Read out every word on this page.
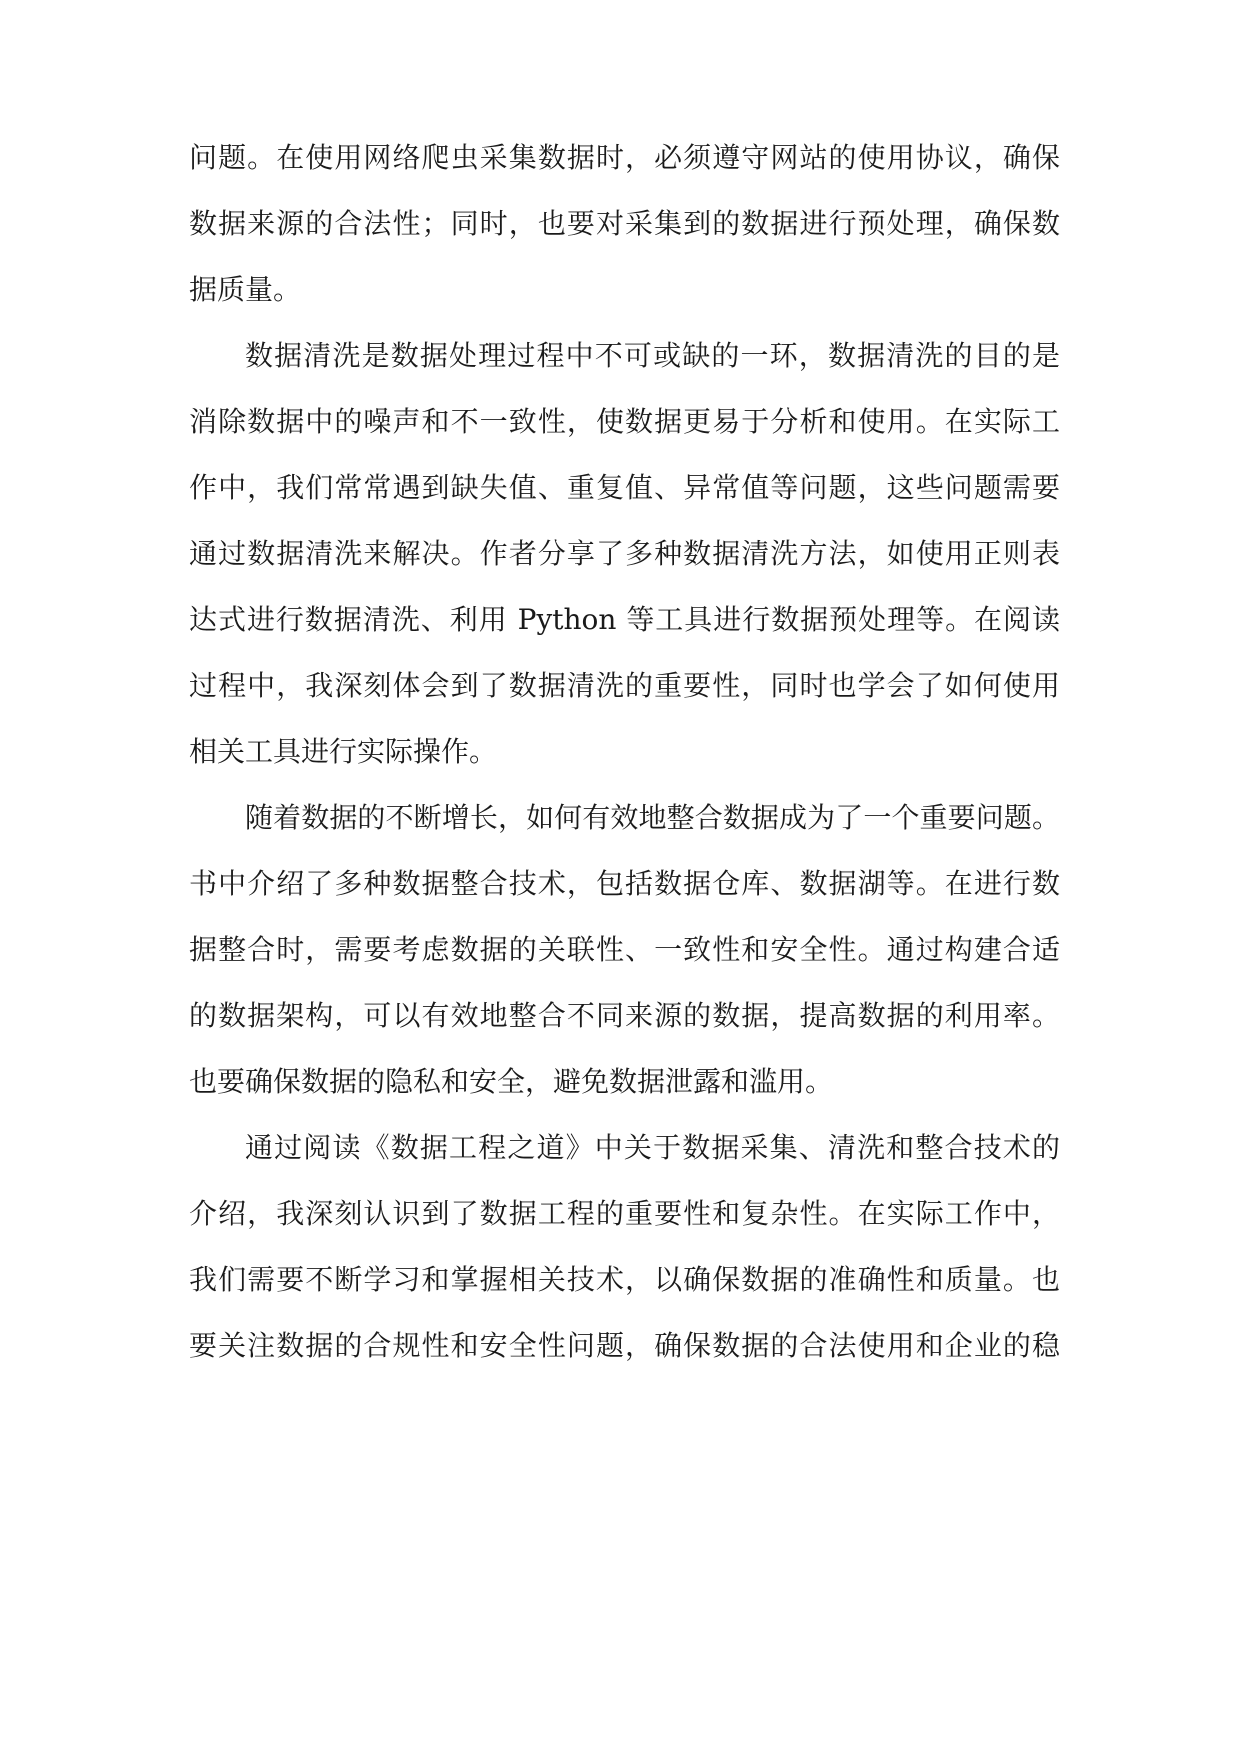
问题。在使用网络爬虫采集数据时，必须遵守网站的使用协议，确保
数据来源的合法性；同时，也要对采集到的数据进行预处理，确保数
据质量。
数据清洗是数据处理过程中不可或缺的一环，数据清洗的目的是
消除数据中的噪声和不一致性，使数据更易于分析和使用。在实际工
作中，我们常常遇到缺失值、重复值、异常值等问题，这些问题需要
通过数据清洗来解决。作者分享了多种数据清洗方法，如使用正则表
达式进行数据清洗、利用 Python 等工具进行数据预处理等。在阅读
过程中，我深刻体会到了数据清洗的重要性，同时也学会了如何使用
相关工具进行实际操作。
随着数据的不断增长，如何有效地整合数据成为了一个重要问题。
书中介绍了多种数据整合技术，包括数据仓库、数据湖等。在进行数
据整合时，需要考虑数据的关联性、一致性和安全性。通过构建合适
的数据架构，可以有效地整合不同来源的数据，提高数据的利用率。
也要确保数据的隐私和安全，避免数据泄露和滥用。
通过阅读《数据工程之道》中关于数据采集、清洗和整合技术的
介绍，我深刻认识到了数据工程的重要性和复杂性。在实际工作中，
我们需要不断学习和掌握相关技术，以确保数据的准确性和质量。也
要关注数据的合规性和安全性问题，确保数据的合法使用和企业的稳
